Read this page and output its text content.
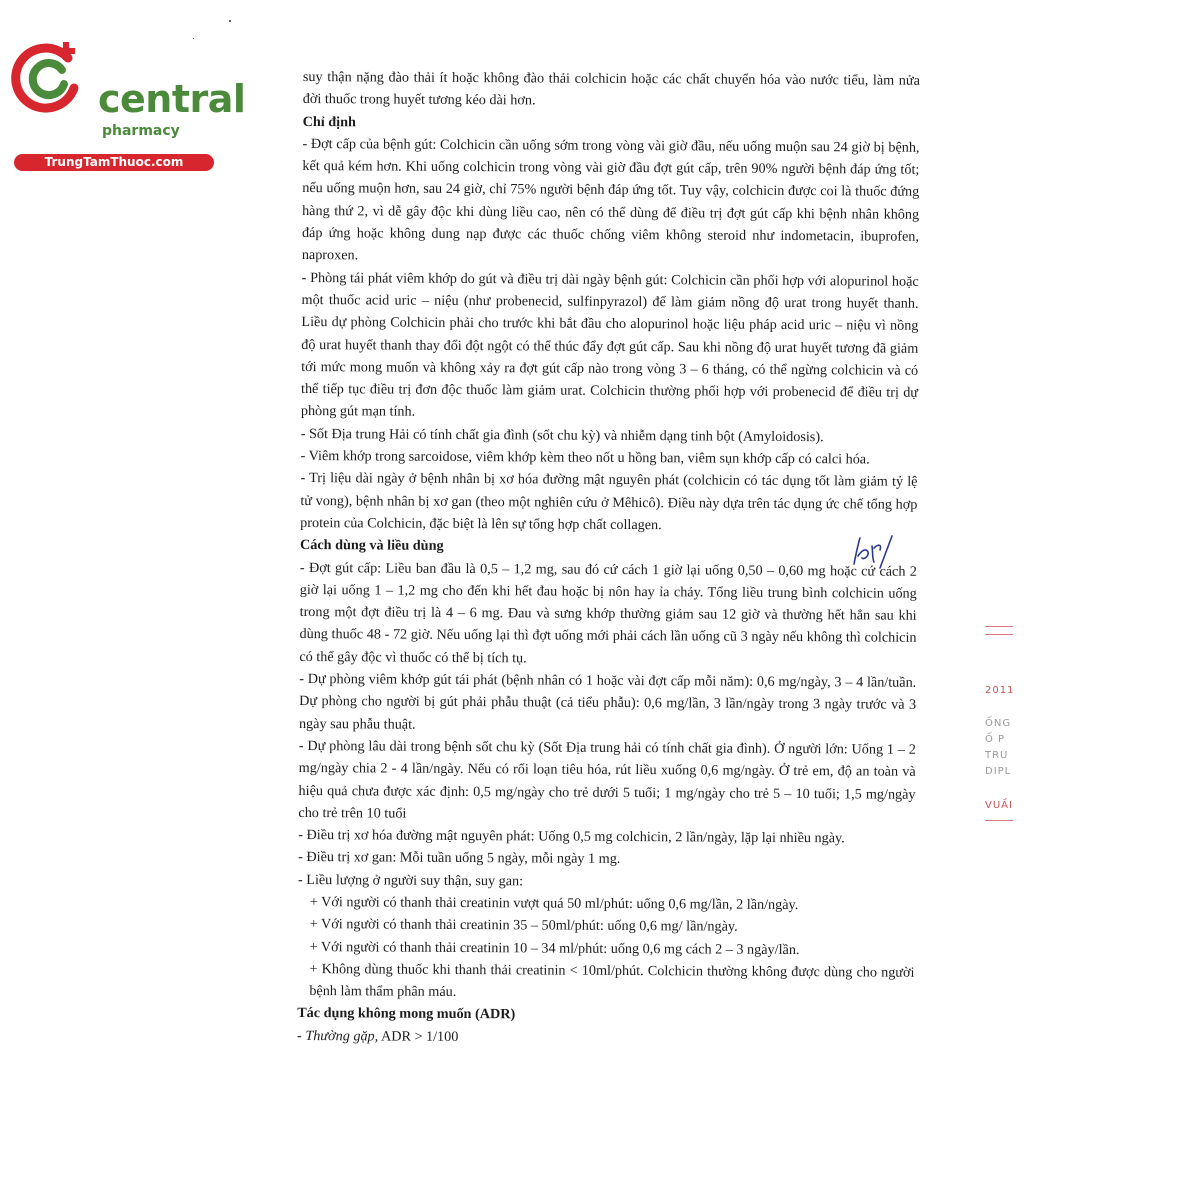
central
pharmacy
TrungTamThuoc.com

suy thận nặng đào thải ít hoặc không đào thải colchicin hoặc các chất chuyển hóa vào nước tiểu, làm nửa đời thuốc trong huyết tương kéo dài hơn.

Chỉ định

- Đợt cấp của bệnh gút: Colchicin cần uống sớm trong vòng vài giờ đầu, nếu uống muộn sau 24 giờ bị bệnh, kết quả kém hơn. Khi uống colchicin trong vòng vài giờ đầu đợt gút cấp, trên 90% người bệnh đáp ứng tốt; nếu uống muộn hơn, sau 24 giờ, chỉ 75% người bệnh đáp ứng tốt. Tuy vậy, colchicin được coi là thuốc đứng hàng thứ 2, vì dễ gây độc khi dùng liều cao, nên có thể dùng để điều trị đợt gút cấp khi bệnh nhân không đáp ứng hoặc không dung nạp được các thuốc chống viêm không steroid như indometacin, ibuprofen, naproxen.

- Phòng tái phát viêm khớp do gút và điều trị dài ngày bệnh gút: Colchicin cần phối hợp với alopurinol hoặc một thuốc acid uric – niệu (như probenecid, sulfinpyrazol) để làm giảm nồng độ urat trong huyết thanh. Liều dự phòng Colchicin phải cho trước khi bắt đầu cho alopurinol hoặc liệu pháp acid uric – niệu vì nồng độ urat huyết thanh thay đổi đột ngột có thể thúc đẩy đợt gút cấp. Sau khi nồng độ urat huyết tương đã giảm tới mức mong muốn và không xảy ra đợt gút cấp nào trong vòng 3 – 6 tháng, có thể ngừng colchicin và có thể tiếp tục điều trị đơn độc thuốc làm giảm urat. Colchicin thường phối hợp với probenecid để điều trị dự phòng gút mạn tính.

- Sốt Địa trung Hải có tính chất gia đình (sốt chu kỳ) và nhiễm dạng tinh bột (Amyloidosis).

- Viêm khớp trong sarcoidose, viêm khớp kèm theo nốt u hồng ban, viêm sụn khớp cấp có calci hóa.

- Trị liệu dài ngày ở bệnh nhân bị xơ hóa đường mật nguyên phát (colchicin có tác dụng tốt làm giảm tỷ lệ tử vong), bệnh nhân bị xơ gan (theo một nghiên cứu ở Mêhicô). Điều này dựa trên tác dụng ức chế tổng hợp protein của Colchicin, đặc biệt là lên sự tổng hợp chất collagen.

Cách dùng và liều dùng

- Đợt gút cấp: Liều ban đầu là 0,5 – 1,2 mg, sau đó cứ cách 1 giờ lại uống 0,50 – 0,60 mg hoặc cứ cách 2 giờ lại uống 1 – 1,2 mg cho đến khi hết đau hoặc bị nôn hay ỉa chảy. Tổng liều trung bình colchicin uống trong một đợt điều trị là 4 – 6 mg. Đau và sưng khớp thường giảm sau 12 giờ và thường hết hẳn sau khi dùng thuốc 48 - 72 giờ. Nếu uống lại thì đợt uống mới phải cách lần uống cũ 3 ngày nếu không thì colchicin có thể gây độc vì thuốc có thể bị tích tụ.

- Dự phòng viêm khớp gút tái phát (bệnh nhân có 1 hoặc vài đợt cấp mỗi năm): 0,6 mg/ngày, 3 – 4 lần/tuần. Dự phòng cho người bị gút phải phẫu thuật (cả tiểu phẫu): 0,6 mg/lần, 3 lần/ngày trong 3 ngày trước và 3 ngày sau phẫu thuật.

- Dự phòng lâu dài trong bệnh sốt chu kỳ (Sốt Địa trung hải có tính chất gia đình). Ở người lớn: Uống 1 – 2 mg/ngày chia 2 - 4 lần/ngày. Nếu có rối loạn tiêu hóa, rút liều xuống 0,6 mg/ngày. Ở trẻ em, độ an toàn và hiệu quả chưa được xác định: 0,5 mg/ngày cho trẻ dưới 5 tuổi; 1 mg/ngày cho trẻ 5 – 10 tuổi; 1,5 mg/ngày cho trẻ trên 10 tuổi

- Điều trị xơ hóa đường mật nguyên phát: Uống 0,5 mg colchicin, 2 lần/ngày, lặp lại nhiều ngày.

- Điều trị xơ gan: Mỗi tuần uống 5 ngày, mỗi ngày 1 mg.

- Liều lượng ở người suy thận, suy gan:

+ Với người có thanh thải creatinin vượt quá 50 ml/phút: uống 0,6 mg/lần, 2 lần/ngày.

+ Với người có thanh thải creatinin 35 – 50ml/phút: uống 0,6 mg/ lần/ngày.

+ Với người có thanh thải creatinin 10 – 34 ml/phút: uống 0,6 mg cách 2 – 3 ngày/lần.

+ Không dùng thuốc khi thanh thải creatinin < 10ml/phút. Colchicin thường không được dùng cho người bệnh làm thẩm phân máu.

Tác dụng không mong muốn (ADR)

- Thường gặp, ADR > 1/100

2011
ỐNG
Ố P
TRU
DIPL
VUẦI
